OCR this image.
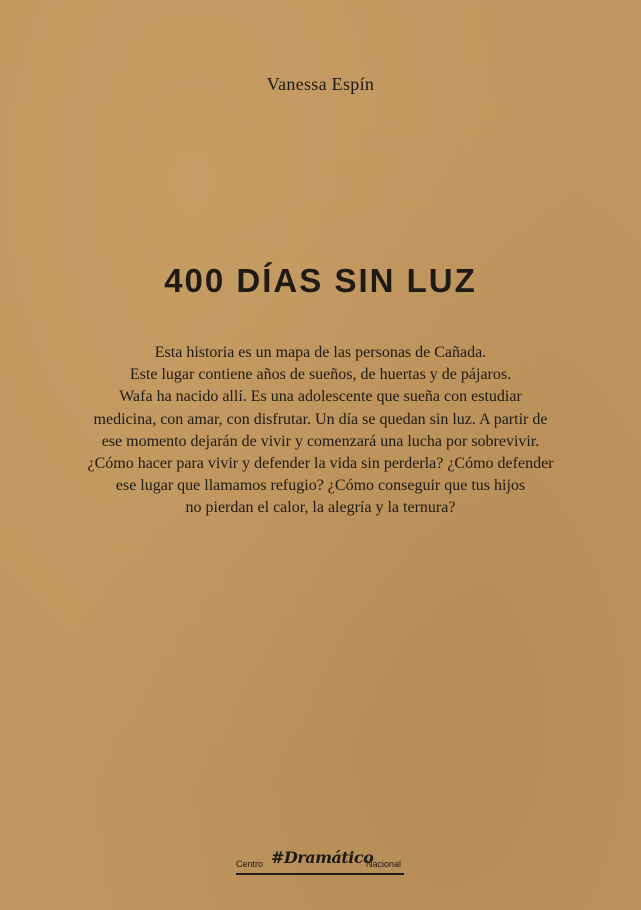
Vanessa Espín
400 DÍAS SIN LUZ
Esta historia es un mapa de las personas de Cañada.
Este lugar contiene años de sueños, de huertas y de pájaros.
Wafa ha nacido allí. Es una adolescente que sueña con estudiar
medicina, con amar, con disfrutar. Un día se quedan sin luz. A partir de
ese momento dejarán de vivir y comenzará una lucha por sobrevivir.
¿Cómo hacer para vivir y defender la vida sin perderla? ¿Cómo defender
ese lugar que llamamos refugio? ¿Cómo conseguir que tus hijos
no pierdan el calor, la alegría y la ternura?
Centro #Dramático
Nacional
